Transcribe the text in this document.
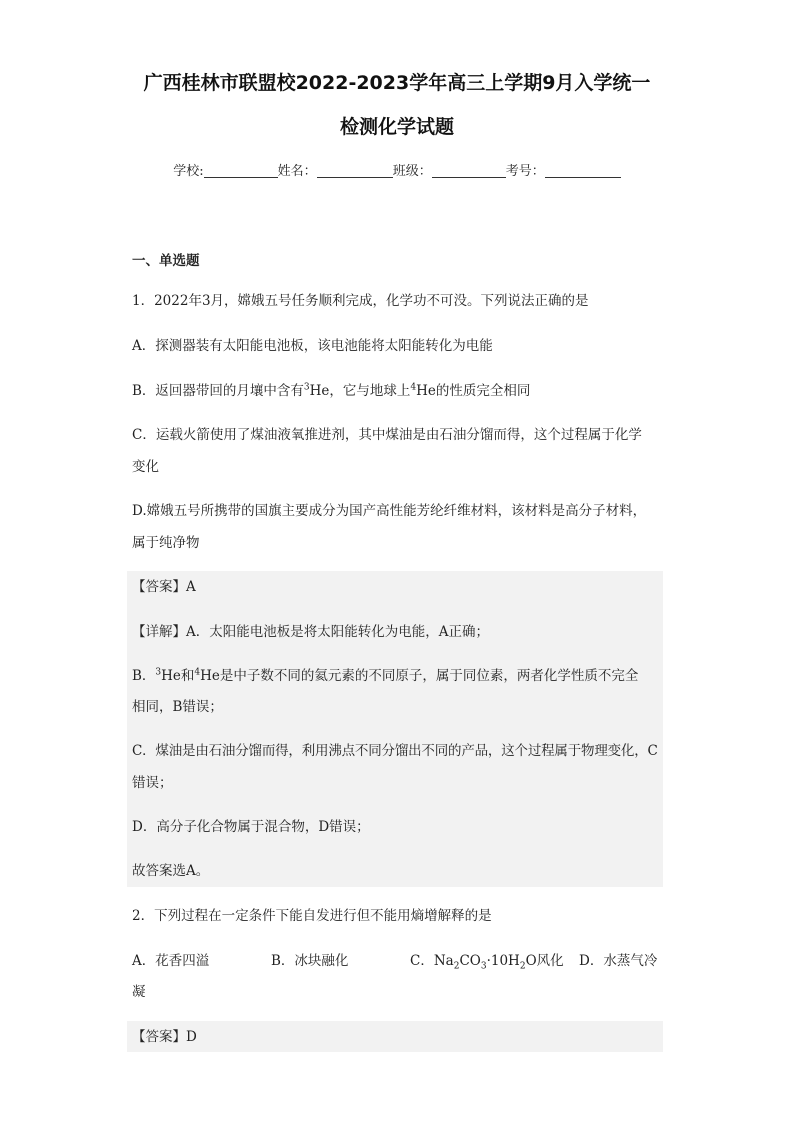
广西桂林市联盟校2022-2023学年高三上学期9月入学统一
检测化学试题
学校:	姓名：	班级：	考号：
一、单选题
1．2022年3月，嫦娥五号任务顺利完成，化学功不可没。下列说法正确的是
A．探测器装有太阳能电池板，该电池能将太阳能转化为电能
B．返回器带回的月壤中含有$^3$He，它与地球上$^4$He的性质完全相同
C．运载火箭使用了煤油液氧推进剂，其中煤油是由石油分馏而得，这个过程属于化学
变化
D.嫦娥五号所携带的国旗主要成分为国产高性能芳纶纤维材料，该材料是高分子材料，
属于纯净物
【答案】A
【详解】A．太阳能电池板是将太阳能转化为电能，A正确；
B．$^3$He和$^4$He是中子数不同的氦元素的不同原子，属于同位素，两者化学性质不完全
相同，B错误；
C．煤油是由石油分馏而得，利用沸点不同分馏出不同的产品，这个过程属于物理变化，C
错误；
D．高分子化合物属于混合物，D错误；
故答案选A。
2．下列过程在一定条件下能自发进行但不能用熵增解释的是
A．花香四溢	B．冰块融化	C．$Na_2CO_3\cdot 10H_2O$风化 D．水蒸气冷
凝
【答案】D
